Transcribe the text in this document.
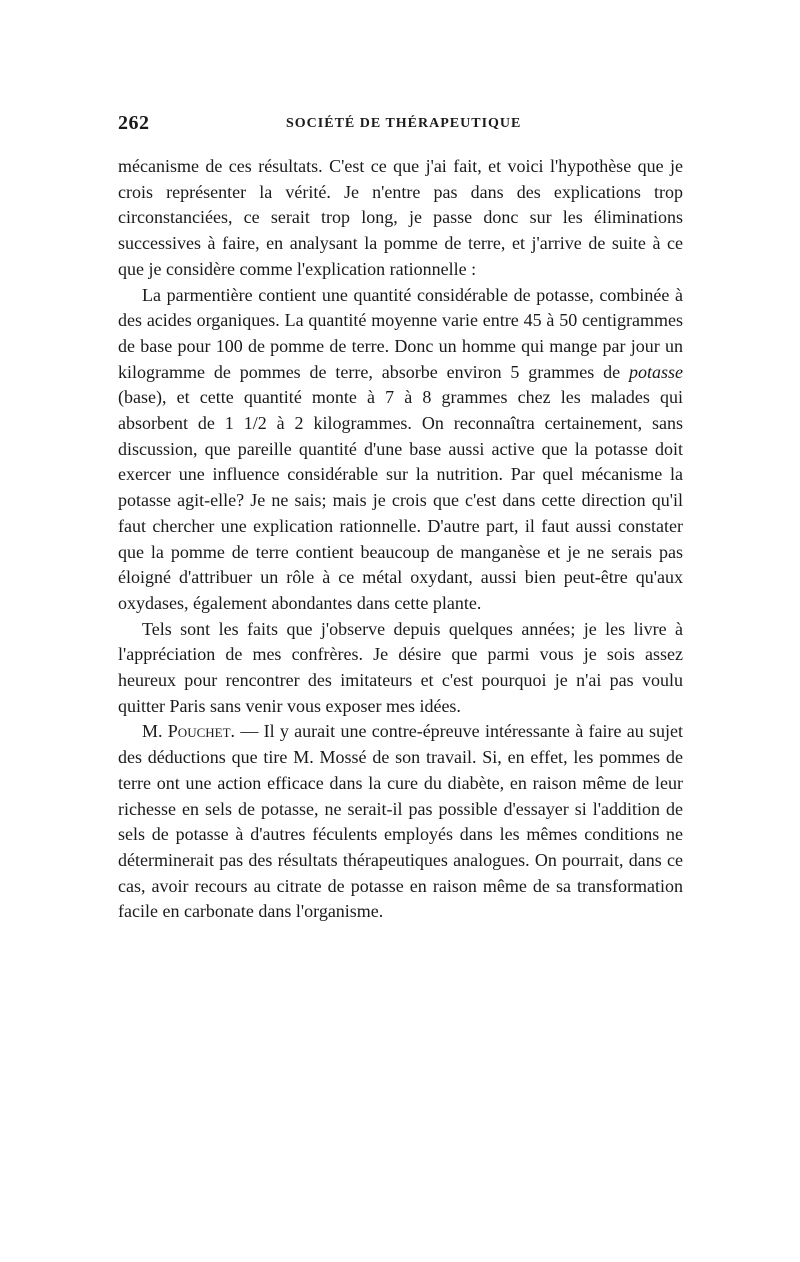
262	SOCIÉTÉ DE THÉRAPEUTIQUE

mécanisme de ces résultats. C'est ce que j'ai fait, et voici l'hypothèse que je crois représenter la vérité. Je n'entre pas dans des explications trop circonstanciées, ce serait trop long, je passe donc sur les éliminations successives à faire, en analysant la pomme de terre, et j'arrive de suite à ce que je considère comme l'explication rationnelle :

La parmentière contient une quantité considérable de potasse, combinée à des acides organiques. La quantité moyenne varie entre 45 à 50 centigrammes de base pour 100 de pomme de terre. Donc un homme qui mange par jour un kilogramme de pommes de terre, absorbe environ 5 grammes de potasse (base), et cette quantité monte à 7 à 8 grammes chez les malades qui absorbent de 1 1/2 à 2 kilogrammes. On reconnaîtra certainement, sans discussion, que pareille quantité d'une base aussi active que la potasse doit exercer une influence considérable sur la nutrition. Par quel mécanisme la potasse agit-elle? Je ne sais; mais je crois que c'est dans cette direction qu'il faut chercher une explication rationnelle. D'autre part, il faut aussi constater que la pomme de terre contient beaucoup de manganèse et je ne serais pas éloigné d'attribuer un rôle à ce métal oxydant, aussi bien peut-être qu'aux oxydases, également abondantes dans cette plante.

Tels sont les faits que j'observe depuis quelques années; je les livre à l'appréciation de mes confrères. Je désire que parmi vous je sois assez heureux pour rencontrer des imitateurs et c'est pourquoi je n'ai pas voulu quitter Paris sans venir vous exposer mes idées.

M. Pouchet. — Il y aurait une contre-épreuve intéressante à faire au sujet des déductions que tire M. Mossé de son travail. Si, en effet, les pommes de terre ont une action efficace dans la cure du diabète, en raison même de leur richesse en sels de potasse, ne serait-il pas possible d'essayer si l'addition de sels de potasse à d'autres féculents employés dans les mêmes conditions ne déterminerait pas des résultats thérapeutiques analogues. On pourrait, dans ce cas, avoir recours au citrate de potasse en raison même de sa transformation facile en carbonate dans l'organisme.
